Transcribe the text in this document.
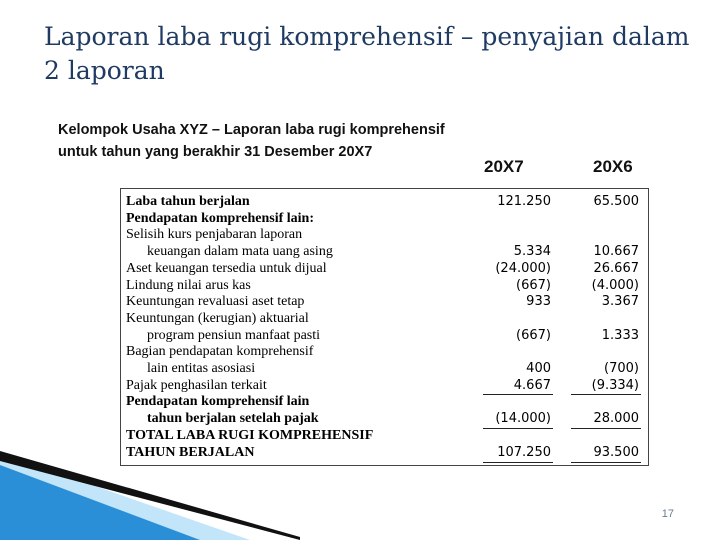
Laporan laba rugi komprehensif – penyajian dalam 2 laporan
Kelompok Usaha XYZ – Laporan laba rugi komprehensif
untuk tahun yang berakhir 31 Desember 20X7
20X7	20X6
Laba tahun berjalan	121.250	65.500
Pendapatan komprehensif lain:
Selisih kurs penjabaran laporan
keuangan dalam mata uang asing	5.334	10.667
Aset keuangan tersedia untuk dijual	(24.000)	26.667
Lindung nilai arus kas	(667)	(4.000)
Keuntungan revaluasi aset tetap	933	3.367
Keuntungan (kerugian) aktuarial
program pensiun manfaat pasti	(667)	1.333
Bagian pendapatan komprehensif
lain entitas asosiasi	400	(700)
Pajak penghasilan terkait	4.667	(9.334)
Pendapatan komprehensif lain
tahun berjalan setelah pajak	(14.000)	28.000
TOTAL LABA RUGI KOMPREHENSIF
TAHUN BERJALAN	107.250	93.500
17
